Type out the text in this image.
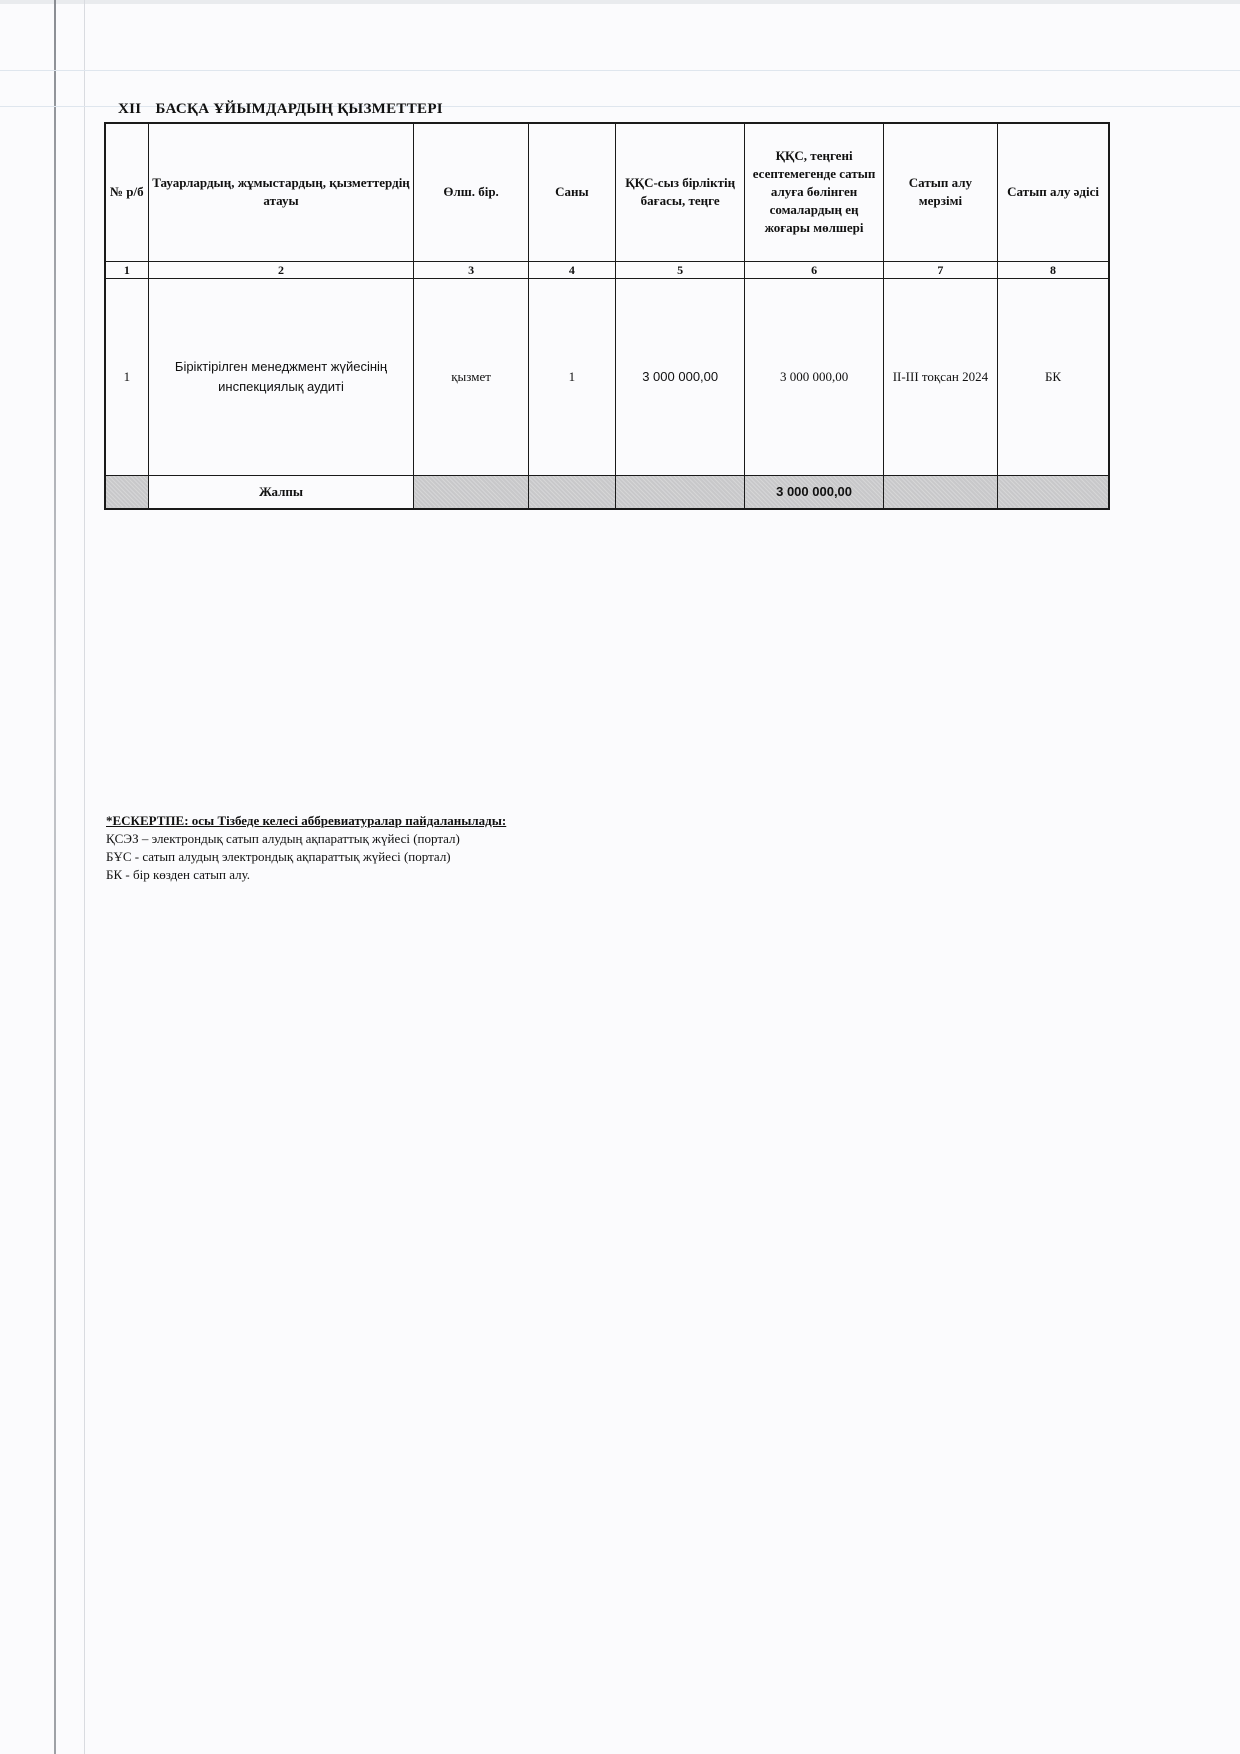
XII БАСҚА ҰЙЫМДАРДЫҢ ҚЫЗМЕТТЕРІ
№ р/б	Тауарлардың, жұмыстардың, қызметтердің атауы	Өлш. бір.	Саны	ҚҚС-сыз бірліктің бағасы, теңге	ҚҚС, теңгені есептемегенде сатып алуға бөлінген сомалардың ең жоғары мөлшері	Сатып алу мерзімі	Сатып алу әдісі
1	2	3	4	5	6	7	8
1	Біріктірілген менеджмент жүйесінің инспекциялық аудиті	қызмет	1	3 000 000,00	3 000 000,00	II-III тоқсан 2024	БК
	Жалпы				3 000 000,00		
*ЕСКЕРТПЕ: осы Тізбеде келесі аббревиатуралар пайдаланылады:
ҚСЭЗ – электрондық сатып алудың ақпараттық жүйесі (портал)
БҰС - сатып алудың электрондық ақпараттық жүйесі (портал)
БК - бір көзден сатып алу.
